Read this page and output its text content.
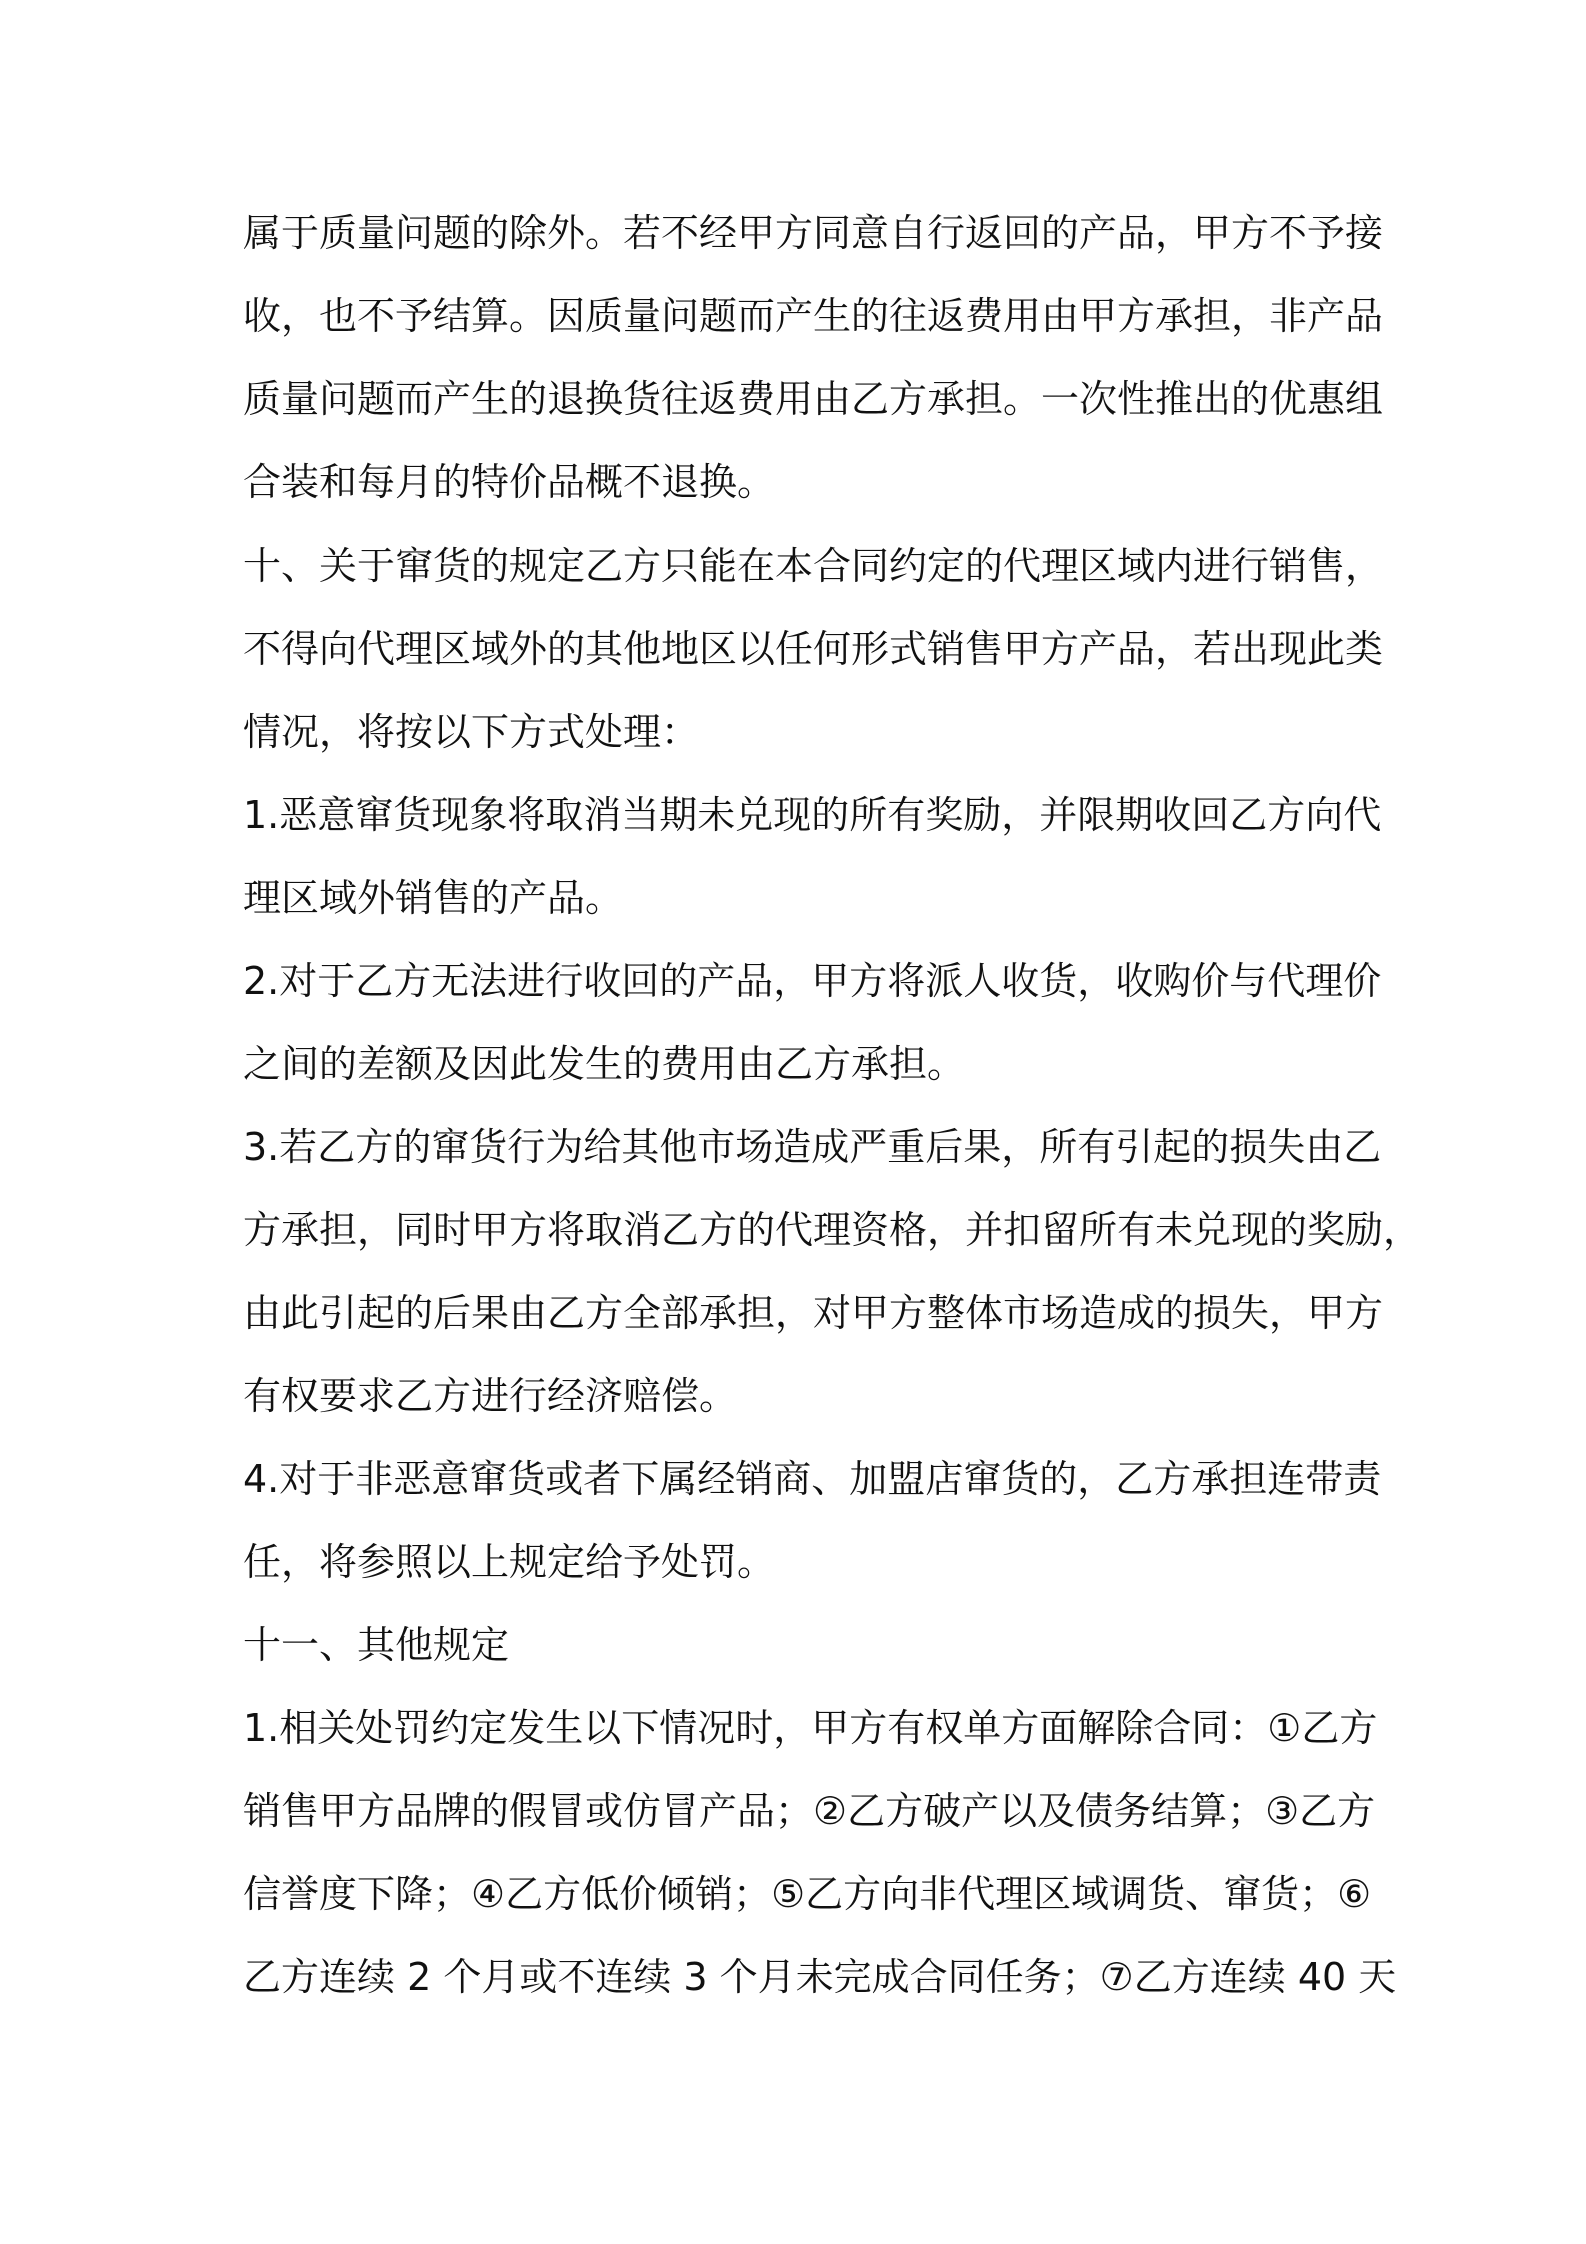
属于质量问题的除外。若不经甲方同意自行返回的产品，甲方不予接
收，也不予结算。因质量问题而产生的往返费用由甲方承担，非产品
质量问题而产生的退换货往返费用由乙方承担。一次性推出的优惠组
合装和每月的特价品概不退换。
十、关于窜货的规定乙方只能在本合同约定的代理区域内进行销售，
不得向代理区域外的其他地区以任何形式销售甲方产品，若出现此类
情况，将按以下方式处理：
1.恶意窜货现象将取消当期未兑现的所有奖励，并限期收回乙方向代
理区域外销售的产品。
2.对于乙方无法进行收回的产品，甲方将派人收货，收购价与代理价
之间的差额及因此发生的费用由乙方承担。
3.若乙方的窜货行为给其他市场造成严重后果，所有引起的损失由乙
方承担，同时甲方将取消乙方的代理资格，并扣留所有未兑现的奖励，
由此引起的后果由乙方全部承担，对甲方整体市场造成的损失，甲方
有权要求乙方进行经济赔偿。
4.对于非恶意窜货或者下属经销商、加盟店窜货的，乙方承担连带责
任，将参照以上规定给予处罚。
十一、其他规定
1.相关处罚约定发生以下情况时，甲方有权单方面解除合同：①乙方
销售甲方品牌的假冒或仿冒产品；②乙方破产以及债务结算；③乙方
信誉度下降；④乙方低价倾销；⑤乙方向非代理区域调货、窜货；⑥
乙方连续 2 个月或不连续 3 个月未完成合同任务；⑦乙方连续 40 天
